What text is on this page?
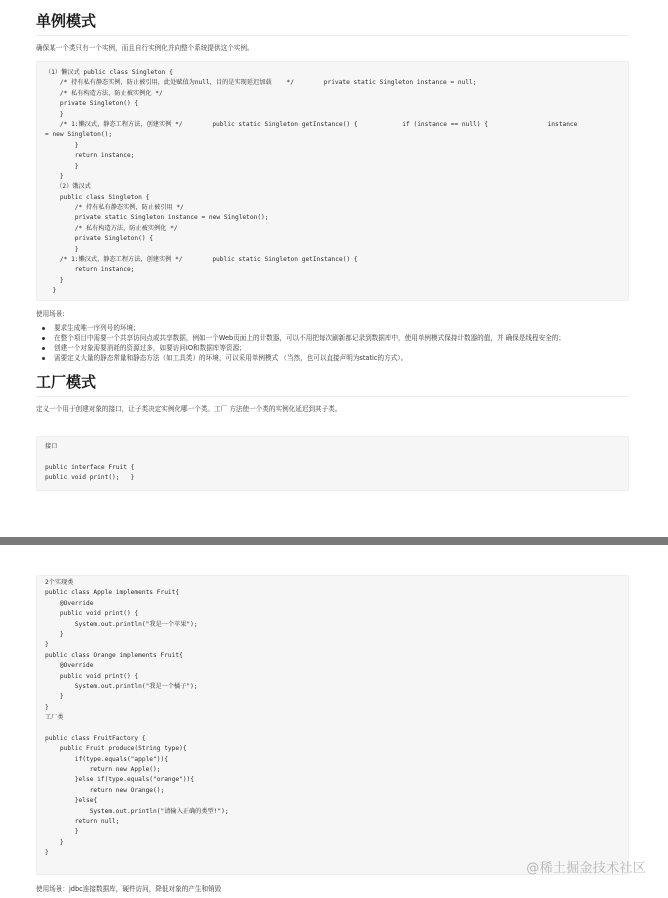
单例模式
确保某一个类只有一个实例，而且自行实例化并向整个系统提供这个实例。
（1）懒汉式 public class Singleton {
/* 持有私有静态实例，防止被引用，此处赋值为null，目的是实现延迟加载    */        private static Singleton instance = null;
/* 私有构造方法，防止被实例化 */
private Singleton() {
}
/* 1:懒汉式，静态工程方法，创建实例 */        public static Singleton getInstance() {            if (instance == null) {                instance
= new Singleton();
}
return instance;
}
}
（2）饿汉式
public class Singleton {
/* 持有私有静态实例，防止被引用 */
private static Singleton instance = new Singleton();
/* 私有构造方法，防止被实例化 */
private Singleton() {
}
/* 1:懒汉式，静态工程方法，创建实例 */        public static Singleton getInstance() {
return instance;
}
}
使用场景:
要求生成唯一序列号的环境；
在整个项目中需要一个共享访问点或共享数据，例如一个Web页面上的计数器，可以不用把每次刷新都记录到数据库中，使用单例模式保持计数器的值，并 确保是线程安全的；
创建一个对象需要消耗的资源过多，如要访问IO和数据库等资源；
需要定义大量的静态常量和静态方法（如工具类）的环境，可以采用单例模式 （当然，也可以直接声明为static的方式）。
工厂模式
定义一个用于创建对象的接口，让子类决定实例化哪一个类。工厂 方法使一个类的实例化延迟到其子类。
接口
public interface Fruit {
public void print();   }
2个实现类
public class Apple implements Fruit{
@Override
public void print() {
System.out.println("我是一个苹果");
}
}
public class Orange implements Fruit{
@Override
public void print() {
System.out.println("我是一个橘子");
}
}
工厂类
public class FruitFactory {
public Fruit produce(String type){
if(type.equals("apple")){
return new Apple();
}else if(type.equals("orange")){
return new Orange();
}else{
System.out.println("请输入正确的类型!");
return null;
}
}
}
使用场景：jdbc连接数据库，硬件访问，降低对象的产生和销毁
@稀土掘金技术社区
